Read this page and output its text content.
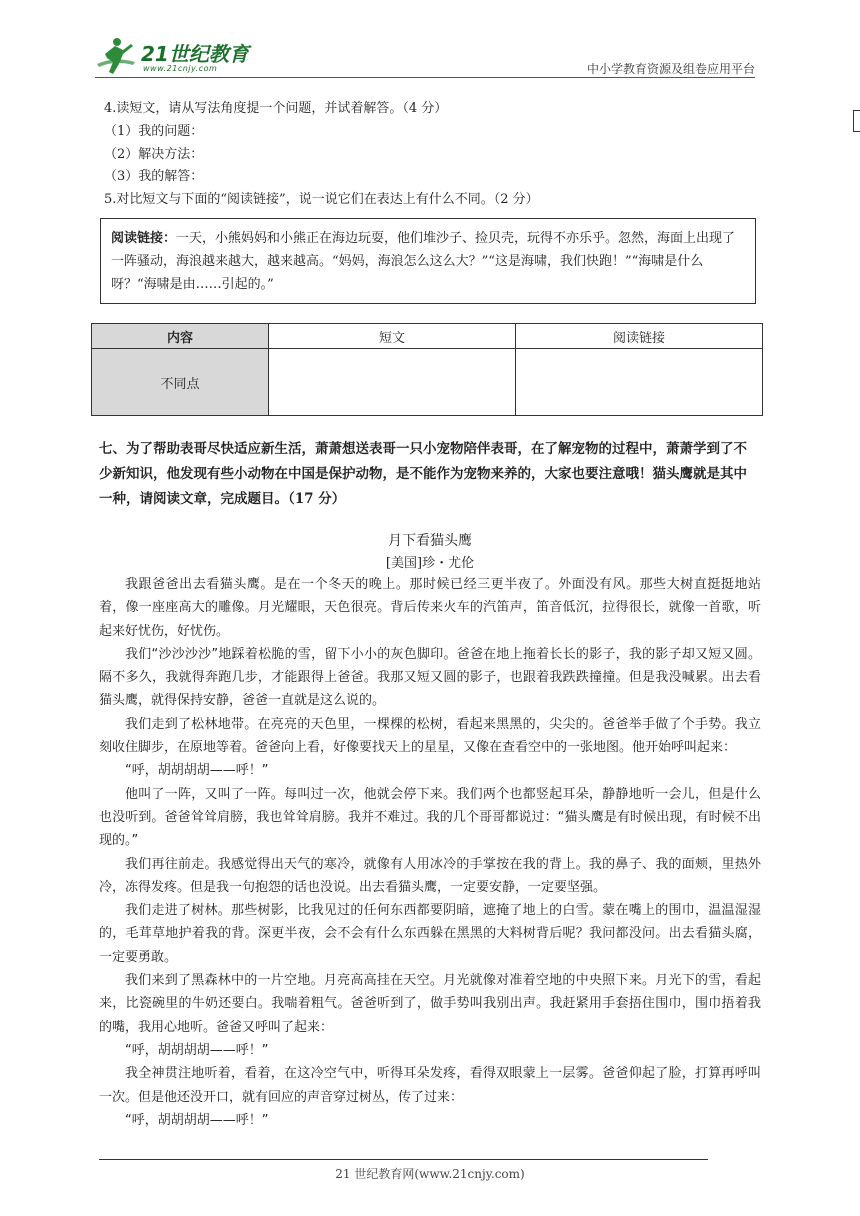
21世纪教育
www.21cnjy.com	中小学教育资源及组卷应用平台
4.读短文，请从写法角度提一个问题，并试着解答。（4 分）
（1）我的问题：
（2）解决方法：
（3）我的解答：
5.对比短文与下面的“阅读链接”，说一说它们在表达上有什么不同。（2 分）
阅读链接：一天，小熊妈妈和小熊正在海边玩耍，他们堆沙子、捡贝壳，玩得不亦乐乎。忽然，海面上出现了一阵骚动，海浪越来越大，越来越高。“妈妈，海浪怎么这么大？”“这是海啸，我们快跑！”“海啸是什么呀？“海啸是由……引起的。”
内容	短文	阅读链接
不同点		
七、为了帮助表哥尽快适应新生活，萧萧想送表哥一只小宠物陪伴表哥，在了解宠物的过程中，萧萧学到了不少新知识，他发现有些小动物在中国是保护动物，是不能作为宠物来养的，大家也要注意哦！猫头鹰就是其中一种，请阅读文章，完成题目。（17 分）
月下看猫头鹰
[美国]珍・尤伦

我跟爸爸出去看猫头鹰。是在一个冬天的晚上。那时候已经三更半夜了。外面没有风。那些大树直挺挺地站着，像一座座高大的雕像。月光耀眼，天色很亮。背后传来火车的汽笛声，笛音低沉，拉得很长，就像一首歌，听起来好忧伤，好忧伤。

我们“沙沙沙沙”地踩着松脆的雪，留下小小的灰色脚印。爸爸在地上拖着长长的影子，我的影子却又短又圆。隔不多久，我就得奔跑几步，才能跟得上爸爸。我那又短又圆的影子，也跟着我跌跌撞撞。但是我没喊累。出去看猫头鹰，就得保持安静，爸爸一直就是这么说的。

我们走到了松林地带。在亮亮的天色里，一棵棵的松树，看起来黑黑的，尖尖的。爸爸举手做了个手势。我立刻收住脚步，在原地等着。爸爸向上看，好像要找天上的星星，又像在查看空中的一张地图。他开始呼叫起来：

“呼，胡胡胡胡——呼！”

他叫了一阵，又叫了一阵。每叫过一次，他就会停下来。我们两个也都竖起耳朵，静静地听一会儿，但是什么也没听到。爸爸耸耸肩膀，我也耸耸肩膀。我并不难过。我的几个哥哥都说过：“猫头鹰是有时候出现，有时候不出现的。”

我们再往前走。我感觉得出天气的寒冷，就像有人用冰冷的手掌按在我的背上。我的鼻子、我的面颊，里热外冷，冻得发疼。但是我一句抱怨的话也没说。出去看猫头鹰，一定要安静，一定要坚强。

我们走进了树林。那些树影，比我见过的任何东西都要阴暗，遮掩了地上的白雪。蒙在嘴上的围巾，温温湿湿的，毛茸草地护着我的背。深更半夜，会不会有什么东西躲在黑黑的大料树背后呢？我问都没问。出去看猫头腐，一定要勇敢。

我们来到了黑森林中的一片空地。月亮高高挂在天空。月光就像对准着空地的中央照下来。月光下的雪，看起来，比瓷碗里的牛奶还要白。我喘着粗气。爸爸听到了，做手势叫我别出声。我赶紧用手套捂住围巾，围巾捂着我的嘴，我用心地听。爸爸又呼叫了起来：

“呼，胡胡胡胡——呼！”

我全神贯注地听着，看着，在这冷空气中，听得耳朵发疼，看得双眼蒙上一层雾。爸爸仰起了脸，打算再呼叫一次。但是他还没开口，就有回应的声音穿过树丛，传了过来：

“呼，胡胡胡胡——呼！”

21 世纪教育网(www.21cnjy.com)
